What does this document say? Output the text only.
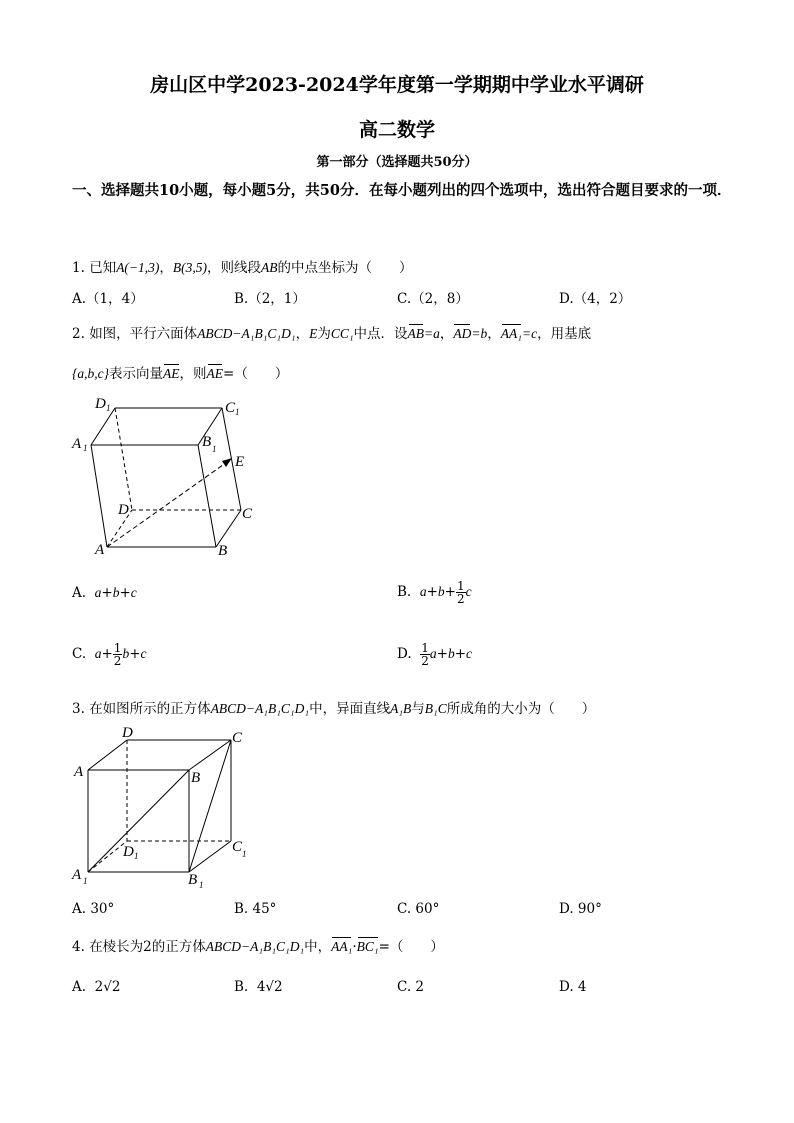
房山区中学2023-2024学年度第一学期期中学业水平调研
高二数学
第一部分（选择题共50分）
一、选择题共10小题，每小题5分，共50分．在每小题列出的四个选项中，选出符合题目要求的一项．
1. 已知A(−1,3)，B(3,5)，则线段AB的中点坐标为（　　）
A.（1，4）	B.（2，1）	C.（2，8）	D.（4，2）
2. 如图，平行六面体ABCD−A₁B₁C₁D₁，E为CC₁中点．设AB=a，AD=b，AA₁=c，用基底
{a,b,c}表示向量AE，则AE=（　　）
D 1	C 1
A 1	B 1
E
D	C
A	B
A. a+b+c	B. $a+b+ \frac{1}{2}$ c
C. $a+ \frac{1}{2} b+c$	D. $\frac{1}{2} a+b+c$
3. 在如图所示的正方体ABCD−A₁B₁C₁D₁中，异面直线A₁B与B₁C所成角的大小为（　　）
D	C
A	B
D 1
C 1
A 1	B 1
A. 30°	B. 45°	C. 60°	D. 90°
4. 在棱长为2的正方体ABCD−A₁B₁C₁D₁中，AA₁·BC₁=（　　）
A. 2√2	B. 4√2	C. 2	D. 4
